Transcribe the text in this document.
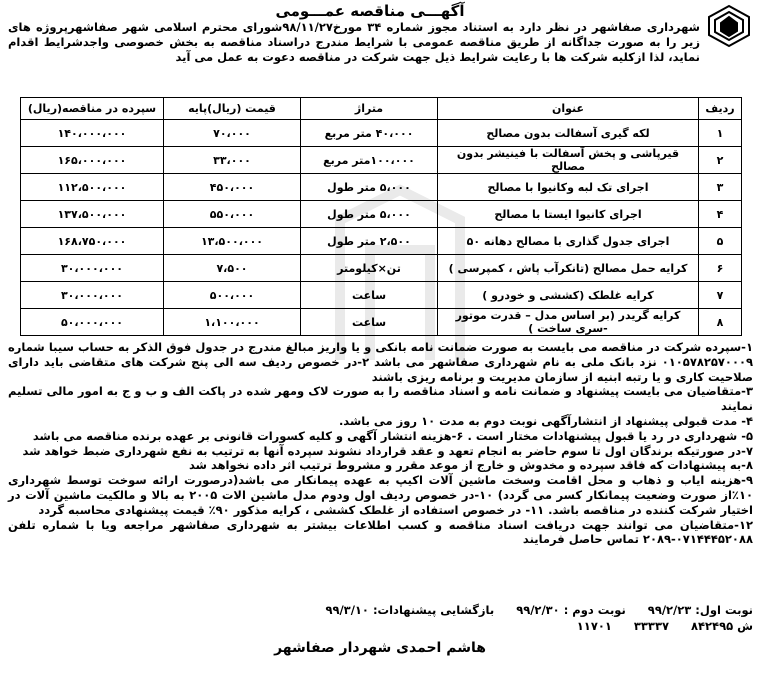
آگهـــی مناقصه عمـــومی

شهرداری صفاشهر در نظر دارد به استناد مجوز شماره ۳۴ مورخ۹۸/۱۱/۲۷شورای محترم اسلامی شهر صفاشهرپروژه های زیر را به صورت جداگانه از طریق مناقصه عمومی با شرایط مندرج دراسناد مناقصه به بخش خصوصی واجدشرایط اقدام نماید، لذا ازکلیه شرکت ها با رعایت شرایط ذیل جهت شرکت در مناقصه دعوت به عمل می آید

ردیف	عنوان	متراژ	قیمت (ریال)پایه	سپرده در مناقصه(ریال)
۱	لکه گیری آسفالت بدون مصالح	۴۰،۰۰۰ متر مربع	۷۰،۰۰۰	۱۴۰،۰۰۰،۰۰۰
۲	قیرپاشی و پخش آسفالت با فینیشر بدون مصالح	۱۰۰،۰۰۰متر مربع	۳۳،۰۰۰	۱۶۵،۰۰۰،۰۰۰
۳	اجرای تک لبه وکانیوا با مصالح	۵،۰۰۰ متر طول	۴۵۰،۰۰۰	۱۱۲،۵۰۰،۰۰۰
۴	اجرای کانیوا ایستا با مصالح	۵،۰۰۰ متر طول	۵۵۰،۰۰۰	۱۳۷،۵۰۰،۰۰۰
۵	اجرای جدول گذاری با مصالح دهانه ۵۰	۲،۵۰۰ متر طول	۱۳،۵۰۰،۰۰۰	۱۶۸،۷۵۰،۰۰۰
۶	کرایه حمل مصالح (تانکرآب پاش ، کمپرسی )	تن×کیلومتر	۷،۵۰۰	۳۰،۰۰۰،۰۰۰
۷	کرایه غلطک (کششی و خودرو )	ساعت	۵۰۰،۰۰۰	۳۰،۰۰۰،۰۰۰
۸	کرایه گریدر (بر اساس مدل – قدرت موتور -سری ساخت )	ساعت	۱،۱۰۰،۰۰۰	۵۰،۰۰۰،۰۰۰

۱-سپرده شرکت در مناقصه می بایست به صورت ضمانت نامه بانکی و یا واریز مبالغ مندرج در جدول فوق الذکر به حساب سیبا شماره ۰۱۰۵۷۸۲۵۷۰۰۰۹ نزد بانک ملی به نام شهرداری صفاشهر می باشد ۲-در خصوص ردیف سه الی پنج شرکت های متقاضی باید دارای صلاحیت کاری و یا رتبه ابنیه از سازمان مدیریت و برنامه ریزی باشند

۳-متقاضیان می بایست پیشنهاد و ضمانت نامه و اسناد مناقصه را به صورت لاک ومهر شده در پاکت الف و ب و ج به امور مالی تسلیم نمایند

۴- مدت قبولی پیشنهاد از انتشارآگهی نوبت دوم به مدت ۱۰ روز می باشد.

۵- شهرداری در رد یا قبول پیشنهادات مختار است . ۶-هزینه انتشار آگهی و کلیه کسورات قانونی بر عهده برنده مناقصه می باشد

۷-در صورتیکه برندگان اول تا سوم حاضر به انجام تعهد و عقد قرارداد نشوند سپرده آنها به ترتیب به نفع شهرداری ضبط خواهد شد

۸-به پیشنهادات که فاقد سپرده و مخدوش و خارج از موعد مقرر و مشروط ترتیب اثر داده نخواهد شد

۹-هزینه ایاب و ذهاب و محل اقامت وسخت ماشین آلات اکیپ به عهده پیمانکار می باشد(درصورت ارائه سوخت توسط شهرداری ۱۰٪از صورت وضعیت پیمانکار کسر می گردد) ۱۰-در خصوص ردیف اول ودوم مدل ماشین الات ۲۰۰۵ به بالا و مالکیت ماشین آلات در اختیار شرکت کننده در مناقصه باشد. ۱۱- در خصوص استفاده از غلطک کششی ، کرایه مذکور ۹۰٪ قیمت پیشنهادی محاسبه گردد

۱۲-متقاضیان می توانند جهت دریافت اسناد مناقصه و کسب اطلاعات بیشتر به شهرداری صفاشهر مراجعه ویا با شماره تلفن ۰۷۱۴۴۴۵۲۰۸۸-۲۰۸۹ تماس حاصل فرمایند

نوبت اول: ۹۹/۲/۲۳
نوبت دوم : ۹۹/۲/۳۰
بازگشایی پیشنهادات: ۹۹/۳/۱۰
ش ۸۴۲۴۹۵
۳۳۳۳۷
۱۱۷۰۱
هاشم احمدی شهردار صفاشهر
